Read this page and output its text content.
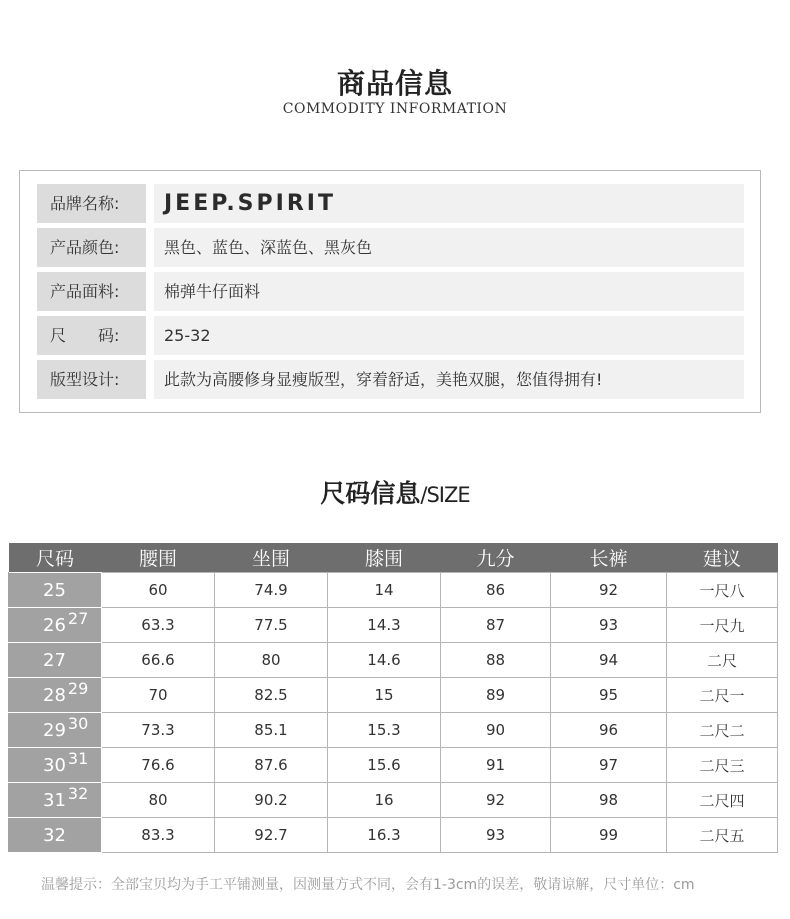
商品信息
COMMODITY INFORMATION
品牌名称:	JEEP.SPIRIT
产品颜色:	黑色、蓝色、深蓝色、黑灰色
产品面料:	棉弹牛仔面料
尺　　码:	25-32
版型设计:	此款为高腰修身显瘦版型，穿着舒适，美艳双腿，您值得拥有!
尺码信息/SIZE
尺码	腰围	坐围	膝围	九分	长裤	建议
25	60	74.9	14	86	92	一尺八
26 27	63.3	77.5	14.3	87	93	一尺九
27	66.6	80	14.6	88	94	二尺
28 29	70	82.5	15	89	95	二尺一
29 30	73.3	85.1	15.3	90	96	二尺二
30 31	76.6	87.6	15.6	91	97	二尺三
31 32	80	90.2	16	92	98	二尺四
32	83.3	92.7	16.3	93	99	二尺五
温馨提示：全部宝贝均为手工平铺测量，因测量方式不同，会有1-3cm的误差，敬请谅解，尺寸单位：cm
